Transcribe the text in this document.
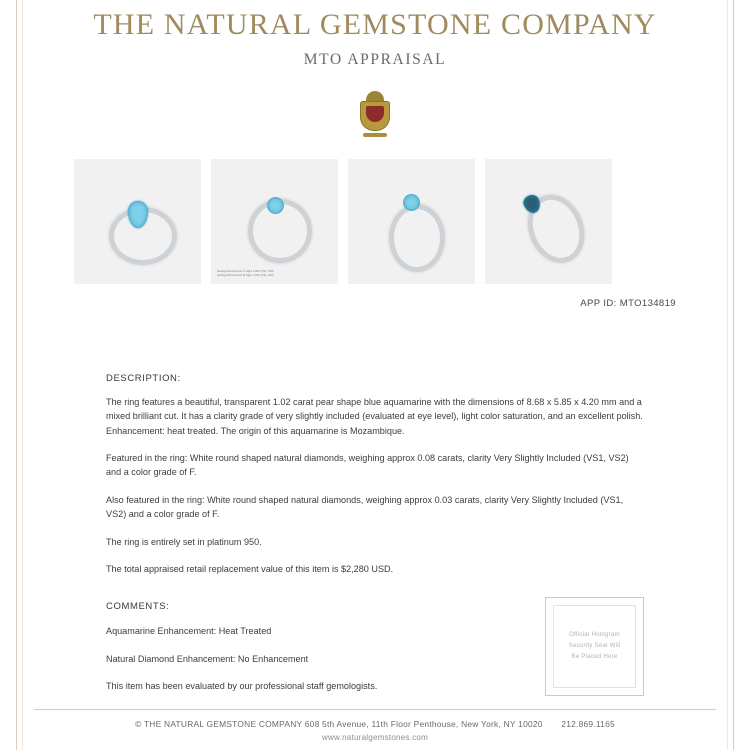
THE NATURAL GEMSTONE COMPANY
MTO APPRAISAL
Sterling Silv Diamond 'A' wght. 0.08ct (VS1, VS2)
Sterling Silv Diamond 'B' wght. 0.03ct (VS1, VS2)
APP ID: MTO134819
DESCRIPTION:
The ring features a beautiful, transparent 1.02 carat pear shape blue aquamarine with the dimensions of 8.68 x 5.85 x 4.20 mm and a mixed brilliant cut. It has a clarity grade of very slightly included (evaluated at eye level), light color saturation, and an excellent polish. Enhancement: heat treated. The origin of this aquamarine is Mozambique.
Featured in the ring: White round shaped natural diamonds, weighing approx 0.08 carats, clarity Very Slightly Included (VS1, VS2) and a color grade of F.
Also featured in the ring: White round shaped natural diamonds, weighing approx 0.03 carats, clarity Very Slightly Included (VS1, VS2) and a color grade of F.
The ring is entirely set in platinum 950.
The total appraised retail replacement value of this item is $2,280 USD.
COMMENTS:
Aquamarine Enhancement: Heat Treated
Natural Diamond Enhancement: No Enhancement
This item has been evaluated by our professional staff gemologists.
Official Hologram
Security Seal Will
Be Placed Here
© THE NATURAL GEMSTONE COMPANY 608 5th Avenue, 11th Floor Penthouse, New York, NY 10020 212.869.1165
www.naturalgemstones.com
